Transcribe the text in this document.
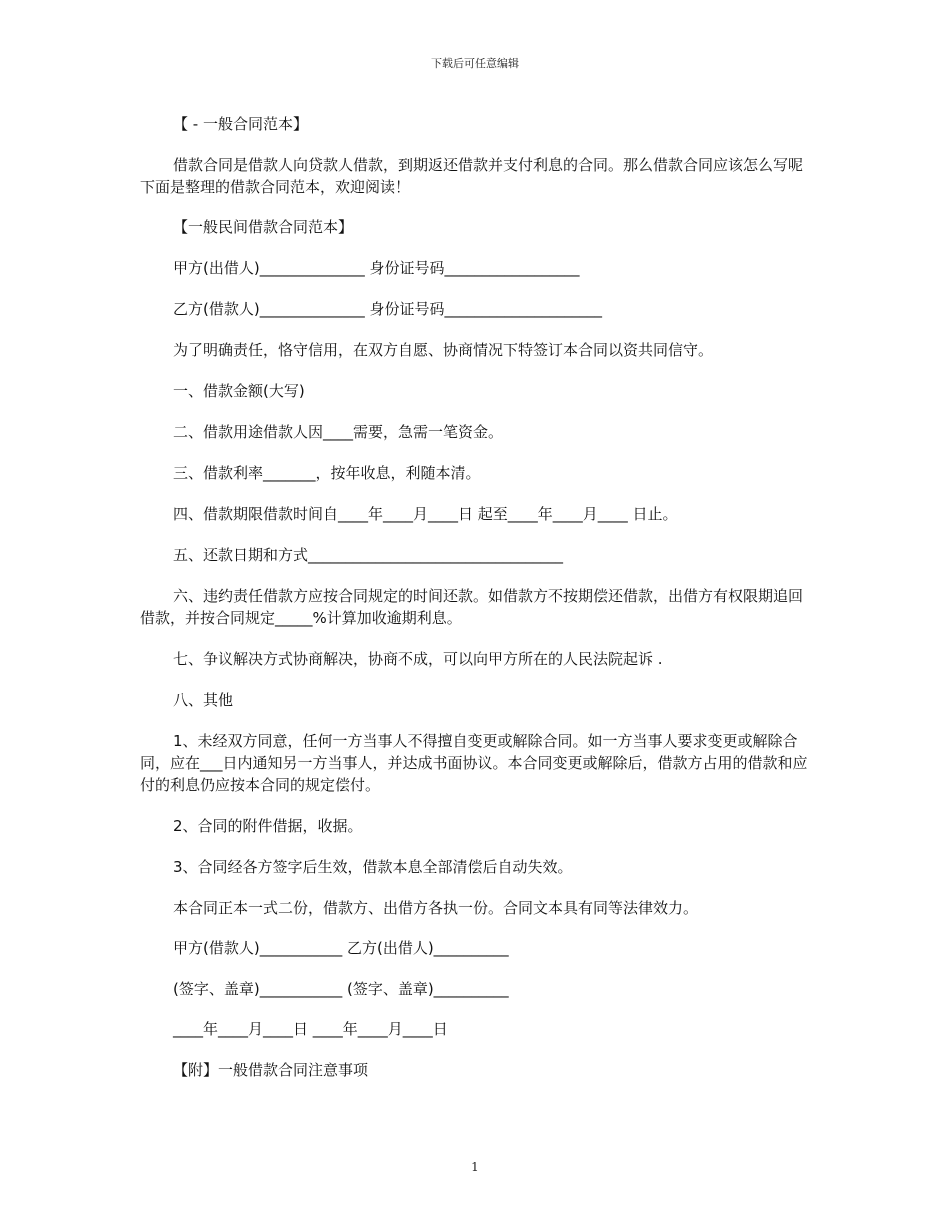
下载后可任意编辑
【 - 一般合同范本】
借款合同是借款人向贷款人借款，到期返还借款并支付利息的合同。那么借款合同应该怎么写呢下面是整理的借款合同范本，欢迎阅读！
【一般民间借款合同范本】
甲方(出借人)______________ 身份证号码__________________
乙方(借款人)______________ 身份证号码_____________________
为了明确责任，恪守信用，在双方自愿、协商情况下特签订本合同以资共同信守。
一、借款金额(大写)
二、借款用途借款人因____需要，急需一笔资金。
三、借款利率_______，按年收息，利随本清。
四、借款期限借款时间自____年____月____日 起至____年____月____ 日止。
五、还款日期和方式__________________________________
六、违约责任借款方应按合同规定的时间还款。如借款方不按期偿还借款，出借方有权限期追回借款，并按合同规定_____%计算加收逾期利息。
七、争议解决方式协商解决，协商不成，可以向甲方所在的人民法院起诉 .
八、其他
1、未经双方同意，任何一方当事人不得擅自变更或解除合同。如一方当事人要求变更或解除合同，应在___日内通知另一方当事人，并达成书面协议。本合同变更或解除后，借款方占用的借款和应付的利息仍应按本合同的规定偿付。
2、合同的附件借据，收据。
3、合同经各方签字后生效，借款本息全部清偿后自动失效。
本合同正本一式二份，借款方、出借方各执一份。合同文本具有同等法律效力。
甲方(借款人)___________ 乙方(出借人)__________
(签字、盖章)___________ (签字、盖章)__________
____年____月____日 ____年____月____日
【附】一般借款合同注意事项
1
